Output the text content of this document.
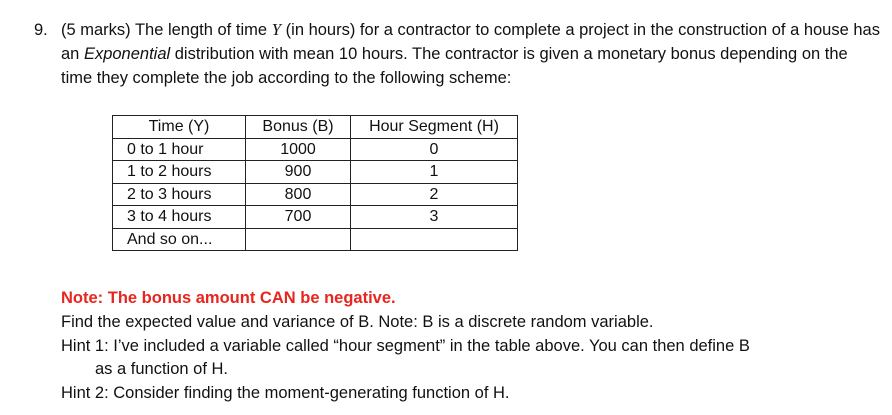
9. (5 marks) The length of time Y (in hours) for a contractor to complete a project in the construction of a house has an Exponential distribution with mean 10 hours. The contractor is given a monetary bonus depending on the time they complete the job according to the following scheme:
Time (Y)	Bonus (B)	Hour Segment (H)
0 to 1 hour	1000	0
1 to 2 hours	900	1
2 to 3 hours	800	2
3 to 4 hours	700	3
And so on...		
Note: The bonus amount CAN be negative.
Find the expected value and variance of B. Note: B is a discrete random variable.
Hint 1: I’ve included a variable called “hour segment” in the table above. You can then define B
as a function of H.
Hint 2: Consider finding the moment-generating function of H.
